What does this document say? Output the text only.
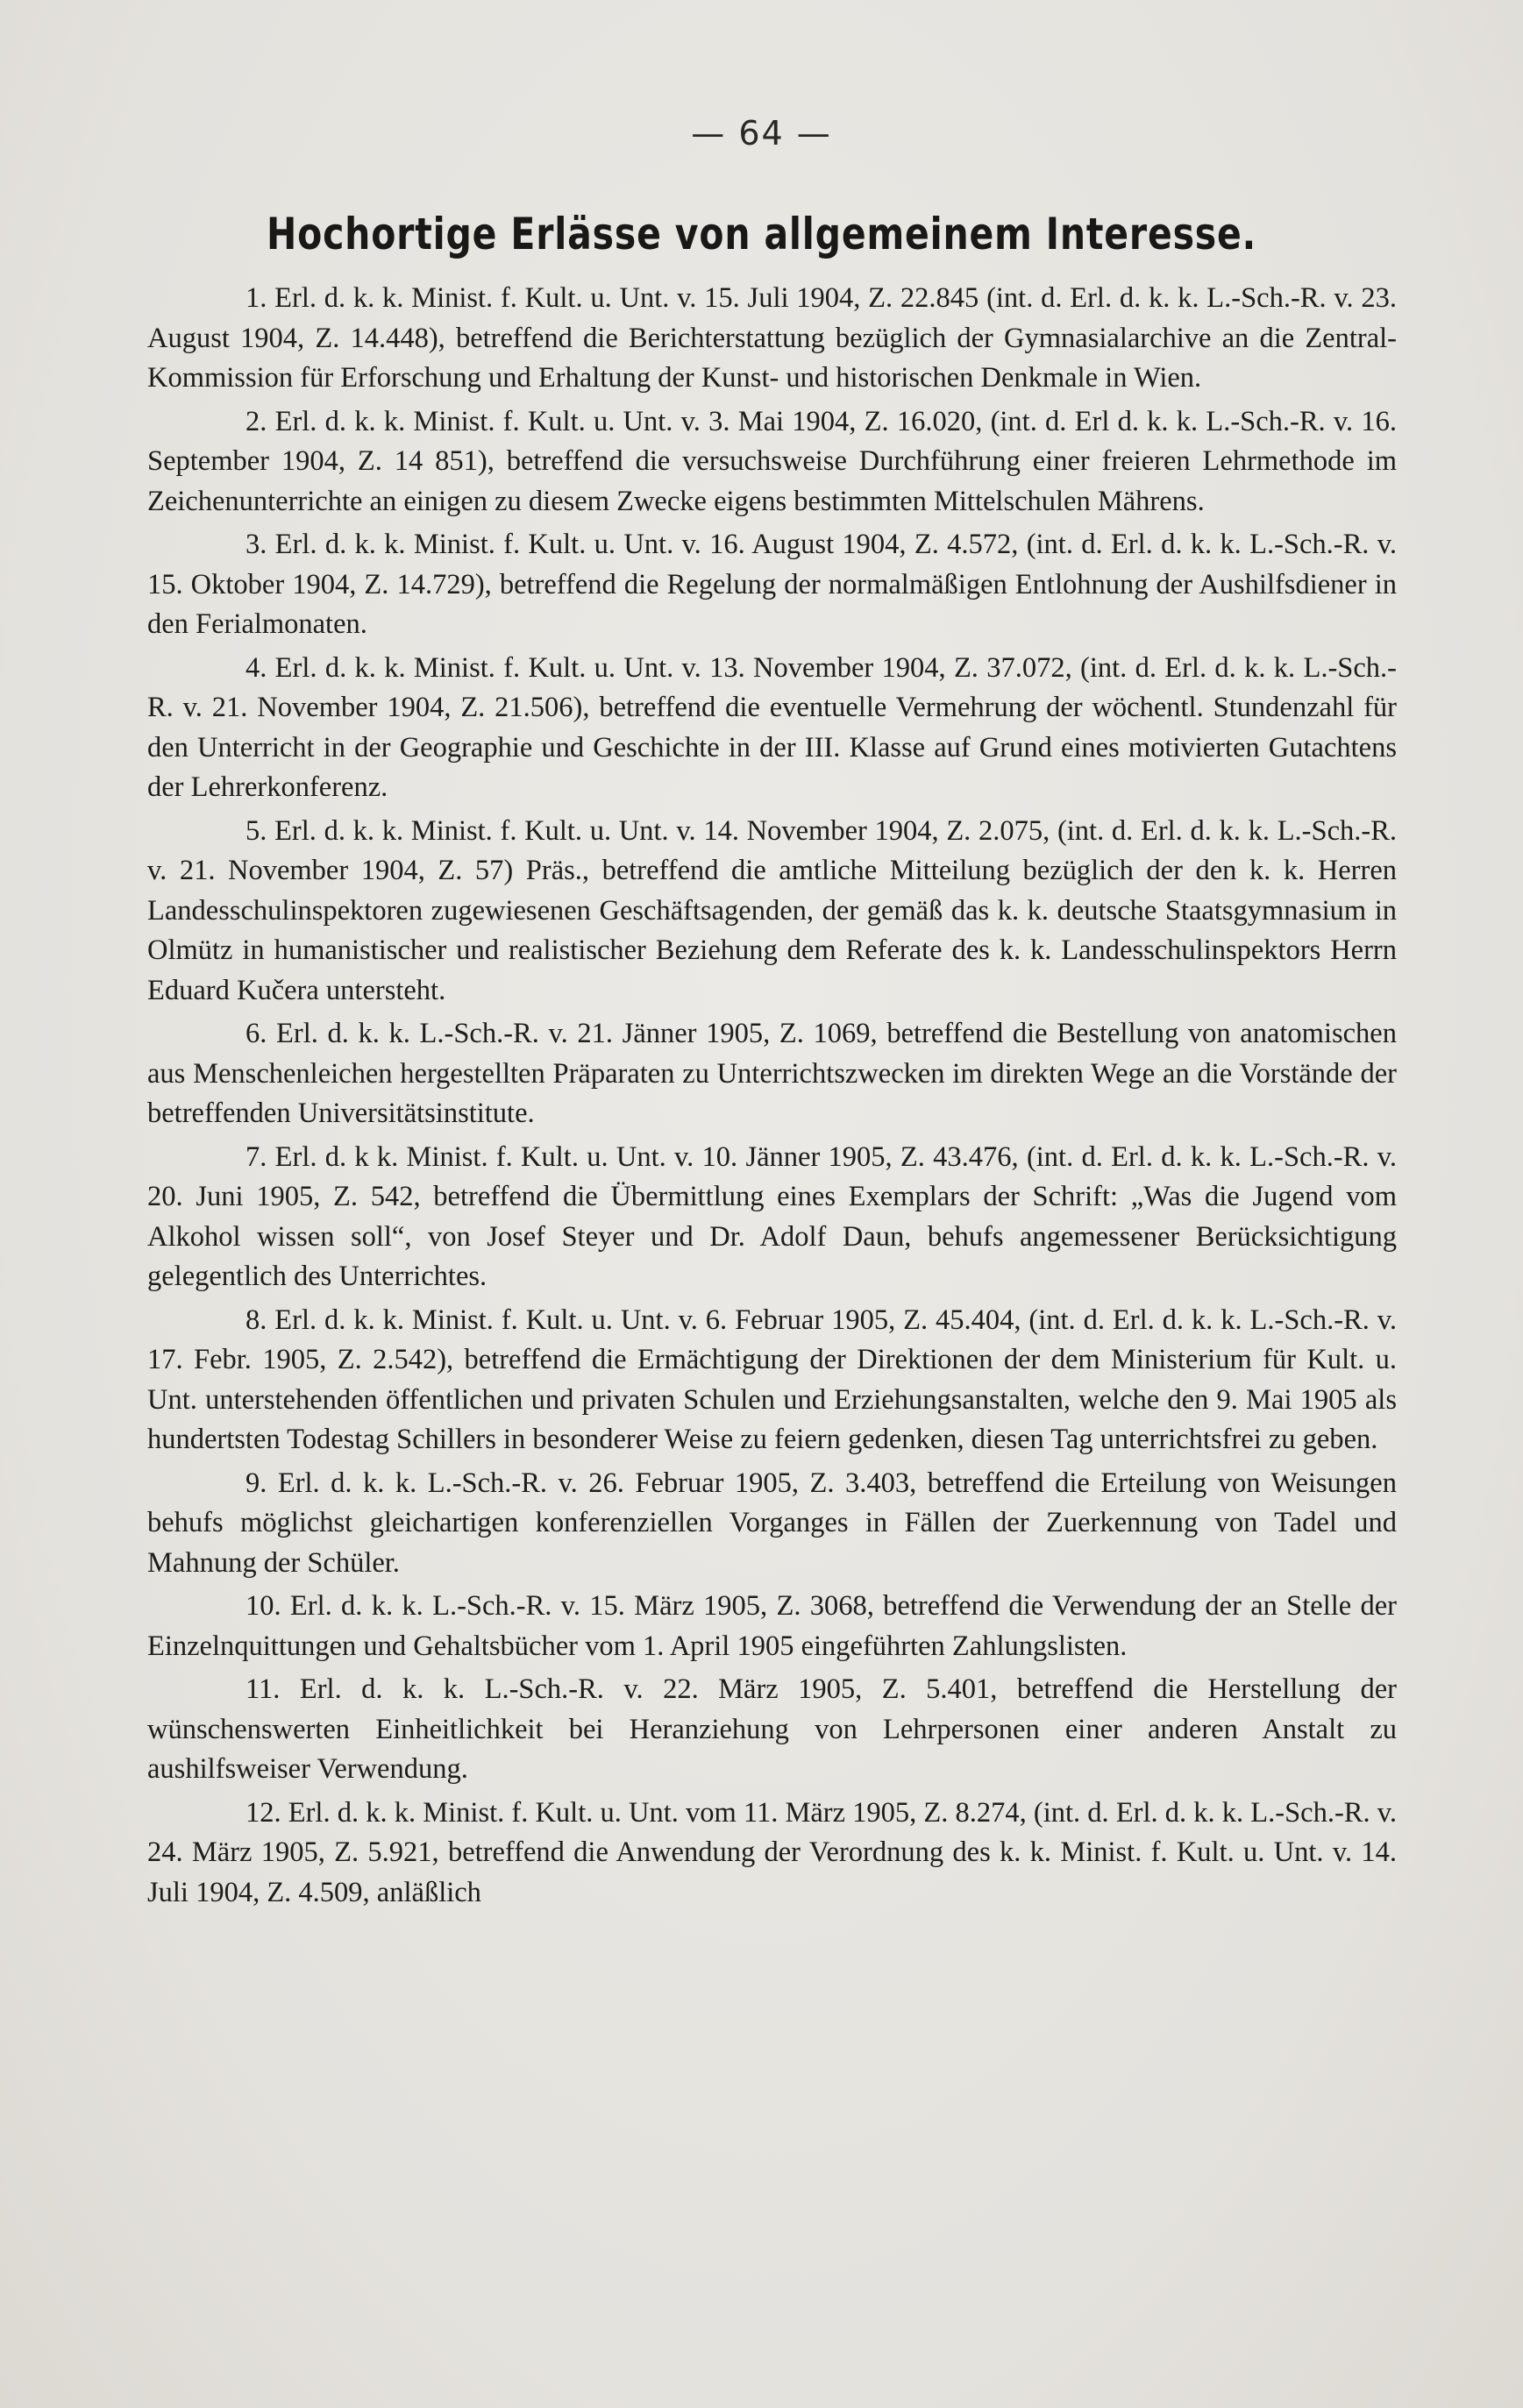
— 64 —
Hochortige Erlässe von allgemeinem Interesse.

1. Erl. d. k. k. Minist. f. Kult. u. Unt. v. 15. Juli 1904, Z. 22.845 (int. d. Erl. d. k. k. L.-Sch.-R. v. 23. August 1904, Z. 14.448), betreffend die Berichterstattung bezüglich der Gymnasialarchive an die Zentral-Kommission für Erforschung und Erhaltung der Kunst- und historischen Denkmale in Wien.

2. Erl. d. k. k. Minist. f. Kult. u. Unt. v. 3. Mai 1904, Z. 16.020, (int. d. Erl d. k. k. L.-Sch.-R. v. 16. September 1904, Z. 14 851), betreffend die versuchsweise Durchführung einer freieren Lehrmethode im Zeichenunterrichte an einigen zu diesem Zwecke eigens bestimmten Mittelschulen Mährens.

3. Erl. d. k. k. Minist. f. Kult. u. Unt. v. 16. August 1904, Z. 4.572, (int. d. Erl. d. k. k. L.-Sch.-R. v. 15. Oktober 1904, Z. 14.729), betreffend die Regelung der normalmäßigen Entlohnung der Aushilfsdiener in den Ferialmonaten.

4. Erl. d. k. k. Minist. f. Kult. u. Unt. v. 13. November 1904, Z. 37.072, (int. d. Erl. d. k. k. L.-Sch.-R. v. 21. November 1904, Z. 21.506), betreffend die eventuelle Vermehrung der wöchentl. Stundenzahl für den Unterricht in der Geographie und Geschichte in der III. Klasse auf Grund eines motivierten Gutachtens der Lehrerkonferenz.

5. Erl. d. k. k. Minist. f. Kult. u. Unt. v. 14. November 1904, Z. 2.075, (int. d. Erl. d. k. k. L.-Sch.-R. v. 21. November 1904, Z. 57) Präs., betreffend die amtliche Mitteilung bezüglich der den k. k. Herren Landesschulinspektoren zugewiesenen Geschäftsagenden, der gemäß das k. k. deutsche Staatsgymnasium in Olmütz in humanistischer und realistischer Beziehung dem Referate des k. k. Landesschulinspektors Herrn Eduard Kučera untersteht.

6. Erl. d. k. k. L.-Sch.-R. v. 21. Jänner 1905, Z. 1069, betreffend die Bestellung von anatomischen aus Menschenleichen hergestellten Präparaten zu Unterrichtszwecken im direkten Wege an die Vorstände der betreffenden Universitätsinstitute.

7. Erl. d. k k. Minist. f. Kult. u. Unt. v. 10. Jänner 1905, Z. 43.476, (int. d. Erl. d. k. k. L.-Sch.-R. v. 20. Juni 1905, Z. 542, betreffend die Übermittlung eines Exemplars der Schrift: „Was die Jugend vom Alkohol wissen soll“, von Josef Steyer und Dr. Adolf Daun, behufs angemessener Berücksichtigung gelegentlich des Unterrichtes.

8. Erl. d. k. k. Minist. f. Kult. u. Unt. v. 6. Februar 1905, Z. 45.404, (int. d. Erl. d. k. k. L.-Sch.-R. v. 17. Febr. 1905, Z. 2.542), betreffend die Ermächtigung der Direktionen der dem Ministerium für Kult. u. Unt. unterstehenden öffentlichen und privaten Schulen und Erziehungsanstalten, welche den 9. Mai 1905 als hundertsten Todestag Schillers in besonderer Weise zu feiern gedenken, diesen Tag unterrichtsfrei zu geben.

9. Erl. d. k. k. L.-Sch.-R. v. 26. Februar 1905, Z. 3.403, betreffend die Erteilung von Weisungen behufs möglichst gleichartigen konferenziellen Vorganges in Fällen der Zuerkennung von Tadel und Mahnung der Schüler.

10. Erl. d. k. k. L.-Sch.-R. v. 15. März 1905, Z. 3068, betreffend die Verwendung der an Stelle der Einzelnquittungen und Gehaltsbücher vom 1. April 1905 eingeführten Zahlungslisten.

11. Erl. d. k. k. L.-Sch.-R. v. 22. März 1905, Z. 5.401, betreffend die Herstellung der wünschenswerten Einheitlichkeit bei Heranziehung von Lehrpersonen einer anderen Anstalt zu aushilfsweiser Verwendung.

12. Erl. d. k. k. Minist. f. Kult. u. Unt. vom 11. März 1905, Z. 8.274, (int. d. Erl. d. k. k. L.-Sch.-R. v. 24. März 1905, Z. 5.921, betreffend die Anwendung der Verordnung des k. k. Minist. f. Kult. u. Unt. v. 14. Juli 1904, Z. 4.509, anläßlich
